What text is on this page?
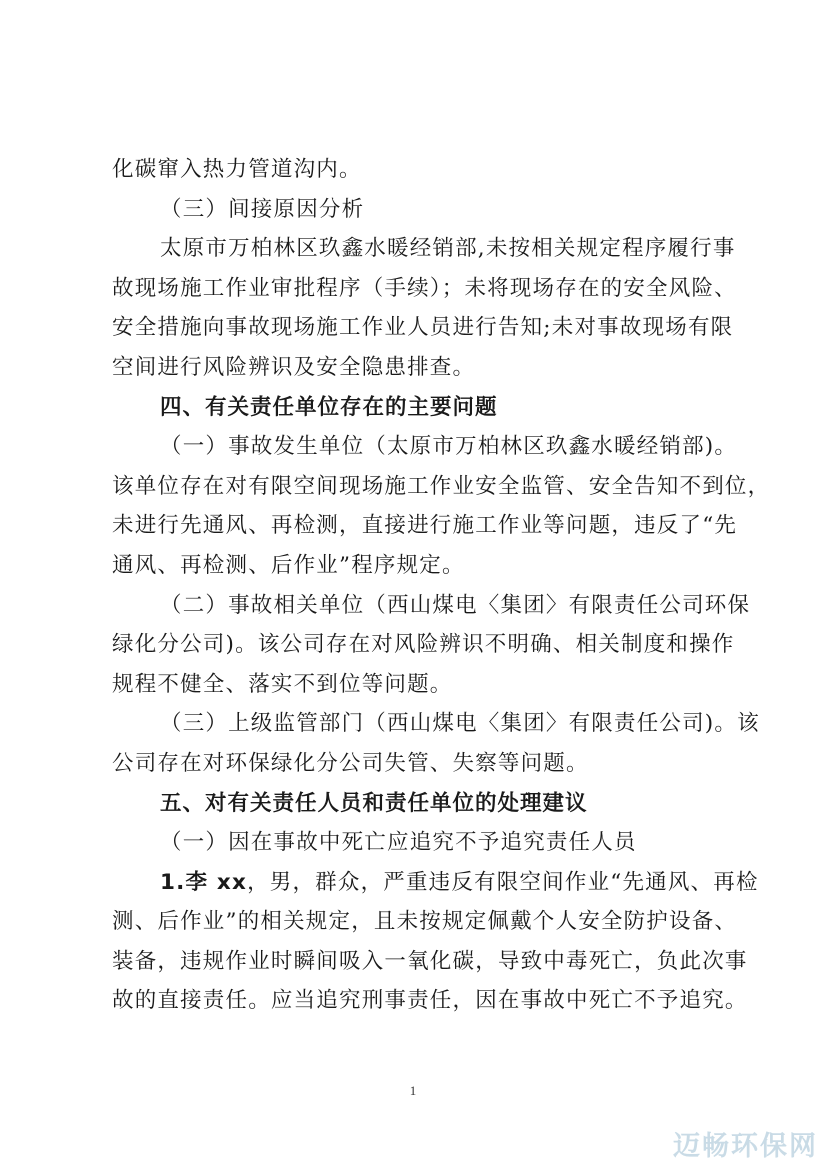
化碳窜入热力管道沟内。

（三）间接原因分析

太原市万柏林区玖鑫水暖经销部,未按相关规定程序履行事

故现场施工作业审批程序（手续）；未将现场存在的安全风险、

安全措施向事故现场施工作业人员进行告知;未对事故现场有限

空间进行风险辨识及安全隐患排查。

四、有关责任单位存在的主要问题

（一）事故发生单位（太原市万柏林区玖鑫水暖经销部)。

该单位存在对有限空间现场施工作业安全监管、安全告知不到位，

未进行先通风、再检测，直接进行施工作业等问题，违反了“先

通风、再检测、后作业”程序规定。

（二）事故相关单位（西山煤电〈集团〉有限责任公司环保

绿化分公司)。该公司存在对风险辨识不明确、相关制度和操作

规程不健全、落实不到位等问题。

（三）上级监管部门（西山煤电〈集团〉有限责任公司)。该

公司存在对环保绿化分公司失管、失察等问题。

五、对有关责任人员和责任单位的处理建议

（一）因在事故中死亡应追究不予追究责任人员

1.李 xx，男，群众，严重违反有限空间作业“先通风、再检

测、后作业”的相关规定，且未按规定佩戴个人安全防护设备、

装备，违规作业时瞬间吸入一氧化碳，导致中毒死亡，负此次事

故的直接责任。应当追究刑事责任，因在事故中死亡不予追究。

1
迈畅环保网
